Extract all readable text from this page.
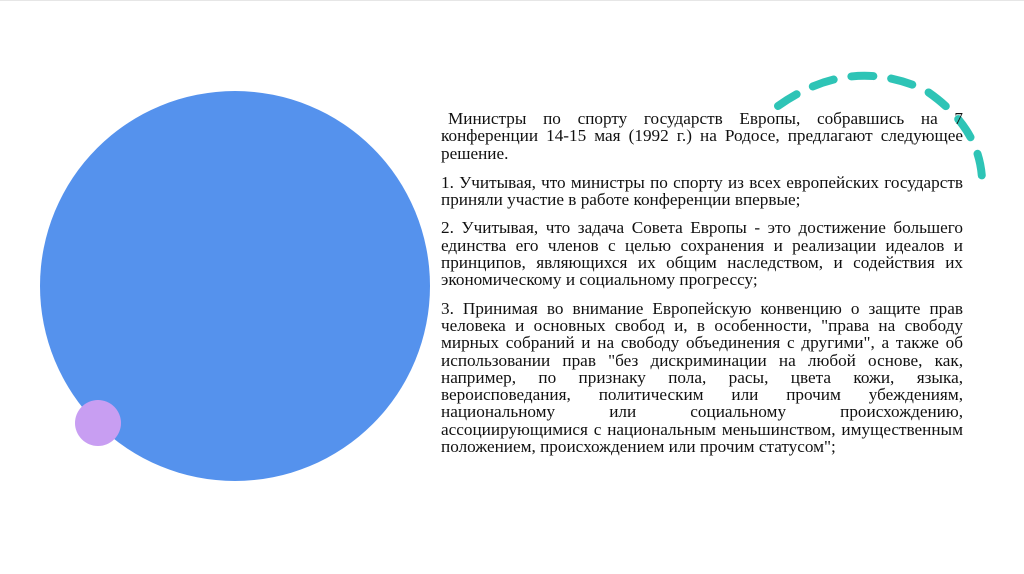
Министры по спорту государств Европы, собравшись на 7 конференции 14-15 мая (1992 г.) на Родосе, предлагают следующее решение.

1. Учитывая, что министры по спорту из всех европейских государств приняли участие в работе конференции впервые;

2. Учитывая, что задача Совета Европы - это достижение большего единства его членов с целью сохранения и реализации идеалов и принципов, являющихся их общим наследством, и содействия их экономическому и социальному прогрессу;

3. Принимая во внимание Европейскую конвенцию о защите прав человека и основных свобод и, в особенности, "права на свободу мирных собраний и на свободу объединения с другими", а также об использовании прав "без дискриминации на любой основе, как, например, по признаку пола, расы, цвета кожи, языка, вероисповедания, политическим или прочим убеждениям, национальному или социальному происхождению, ассоциирующимися с национальным меньшинством, имущественным положением, происхождением или прочим статусом";
